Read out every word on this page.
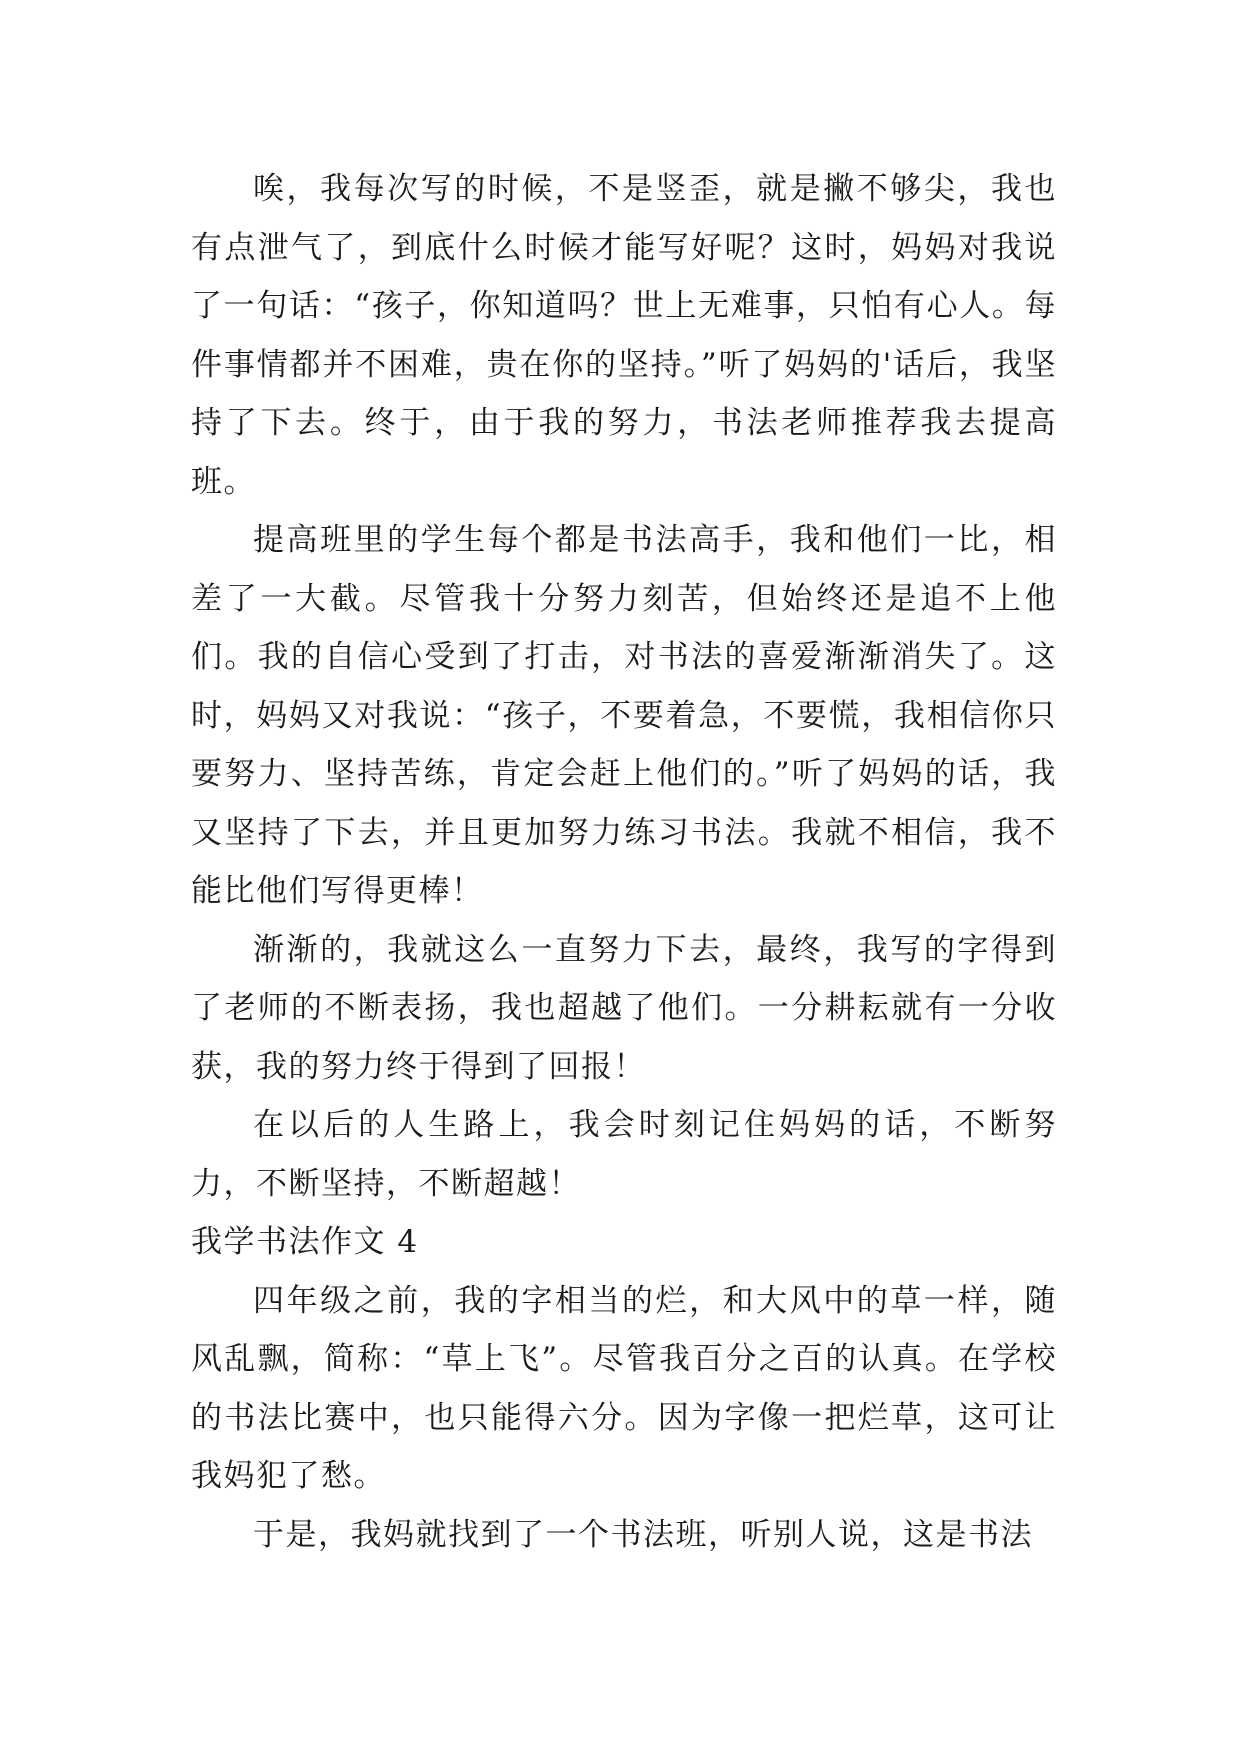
唉，我每次写的时候，不是竖歪，就是撇不够尖，我也有点泄气了，到底什么时候才能写好呢？这时，妈妈对我说了一句话：“孩子，你知道吗？世上无难事，只怕有心人。每件事情都并不困难，贵在你的坚持。”听了妈妈的'话后，我坚持了下去。终于，由于我的努力，书法老师推荐我去提高班。

提高班里的学生每个都是书法高手，我和他们一比，相差了一大截。尽管我十分努力刻苦，但始终还是追不上他们。我的自信心受到了打击，对书法的喜爱渐渐消失了。这时，妈妈又对我说：“孩子，不要着急，不要慌，我相信你只要努力、坚持苦练，肯定会赶上他们的。”听了妈妈的话，我又坚持了下去，并且更加努力练习书法。我就不相信，我不能比他们写得更棒！

渐渐的，我就这么一直努力下去，最终，我写的字得到了老师的不断表扬，我也超越了他们。一分耕耘就有一分收获，我的努力终于得到了回报！

在以后的人生路上，我会时刻记住妈妈的话，不断努力，不断坚持，不断超越！

我学书法作文 4

四年级之前，我的字相当的烂，和大风中的草一样，随风乱飘，简称：“草上飞”。尽管我百分之百的认真。在学校的书法比赛中，也只能得六分。因为字像一把烂草，这可让我妈犯了愁。

于是，我妈就找到了一个书法班，听别人说，这是书法
